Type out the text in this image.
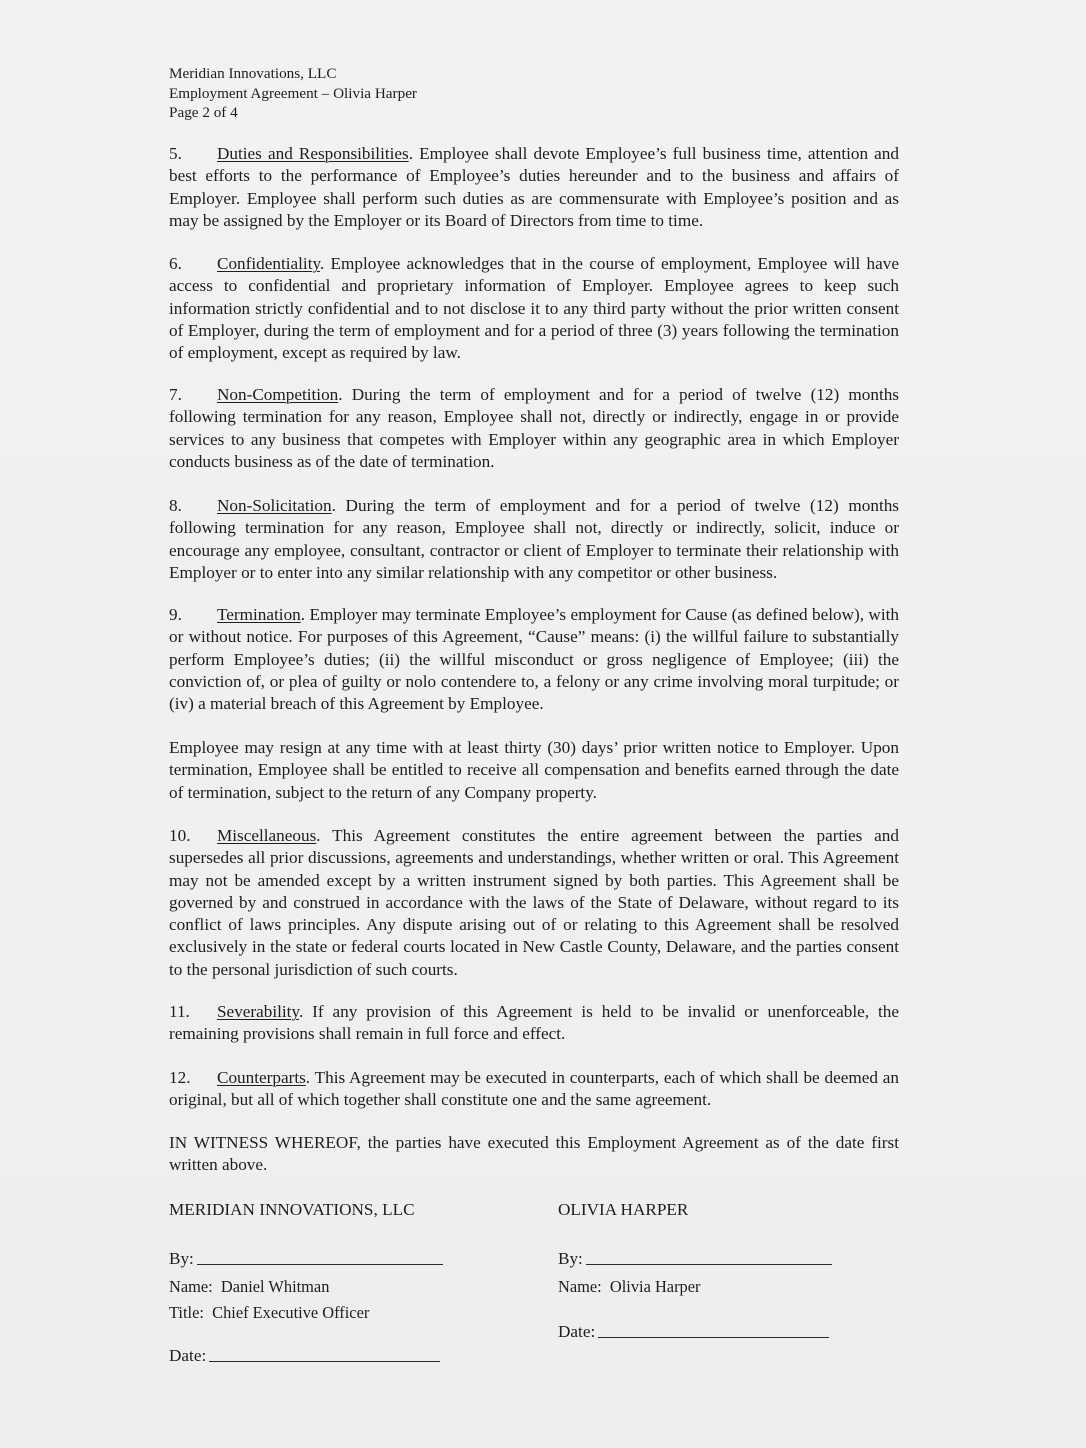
Meridian Innovations, LLC
Employment Agreement – Olivia Harper
Page 2 of 4

5. Duties and Responsibilities. Employee shall devote Employee’s full business time, attention and best efforts to the performance of Employee’s duties hereunder and to the business and affairs of Employer. Employee shall perform such duties as are commensurate with Employee’s position and as may be assigned by the Employer or its Board of Directors from time to time.

6. Confidentiality. Employee acknowledges that in the course of employment, Employee will have access to confidential and proprietary information of Employer. Employee agrees to keep such information strictly confidential and to not disclose it to any third party without the prior written consent of Employer, during the term of employment and for a period of three (3) years following the termination of employment, except as required by law.

7. Non-Competition. During the term of employment and for a period of twelve (12) months following termination for any reason, Employee shall not, directly or indirectly, engage in or provide services to any business that competes with Employer within any geographic area in which Employer conducts business as of the date of termination.

8. Non-Solicitation. During the term of employment and for a period of twelve (12) months following termination for any reason, Employee shall not, directly or indirectly, solicit, induce or encourage any employee, consultant, contractor or client of Employer to terminate their relationship with Employer or to enter into any similar relationship with any competitor or other business.

9. Termination. Employer may terminate Employee’s employment for Cause (as defined below), with or without notice. For purposes of this Agreement, “Cause” means: (i) the willful failure to substantially perform Employee’s duties; (ii) the willful misconduct or gross negligence of Employee; (iii) the conviction of, or plea of guilty or nolo contendere to, a felony or any crime involving moral turpitude; or (iv) a material breach of this Agreement by Employee.

Employee may resign at any time with at least thirty (30) days’ prior written notice to Employer. Upon termination, Employee shall be entitled to receive all compensation and benefits earned through the date of termination, subject to the return of any Company property.

10. Miscellaneous. This Agreement constitutes the entire agreement between the parties and supersedes all prior discussions, agreements and understandings, whether written or oral. This Agreement may not be amended except by a written instrument signed by both parties. This Agreement shall be governed by and construed in accordance with the laws of the State of Delaware, without regard to its conflict of laws principles. Any dispute arising out of or relating to this Agreement shall be resolved exclusively in the state or federal courts located in New Castle County, Delaware, and the parties consent to the personal jurisdiction of such courts.

11. Severability. If any provision of this Agreement is held to be invalid or unenforceable, the remaining provisions shall remain in full force and effect.

12. Counterparts. This Agreement may be executed in counterparts, each of which shall be deemed an original, but all of which together shall constitute one and the same agreement.

IN WITNESS WHEREOF, the parties have executed this Employment Agreement as of the date first written above.

MERIDIAN INNOVATIONS, LLC
By:
Name: Daniel Whitman
Title: Chief Executive Officer
Date:
OLIVIA HARPER
By:
Name: Olivia Harper
Date:
